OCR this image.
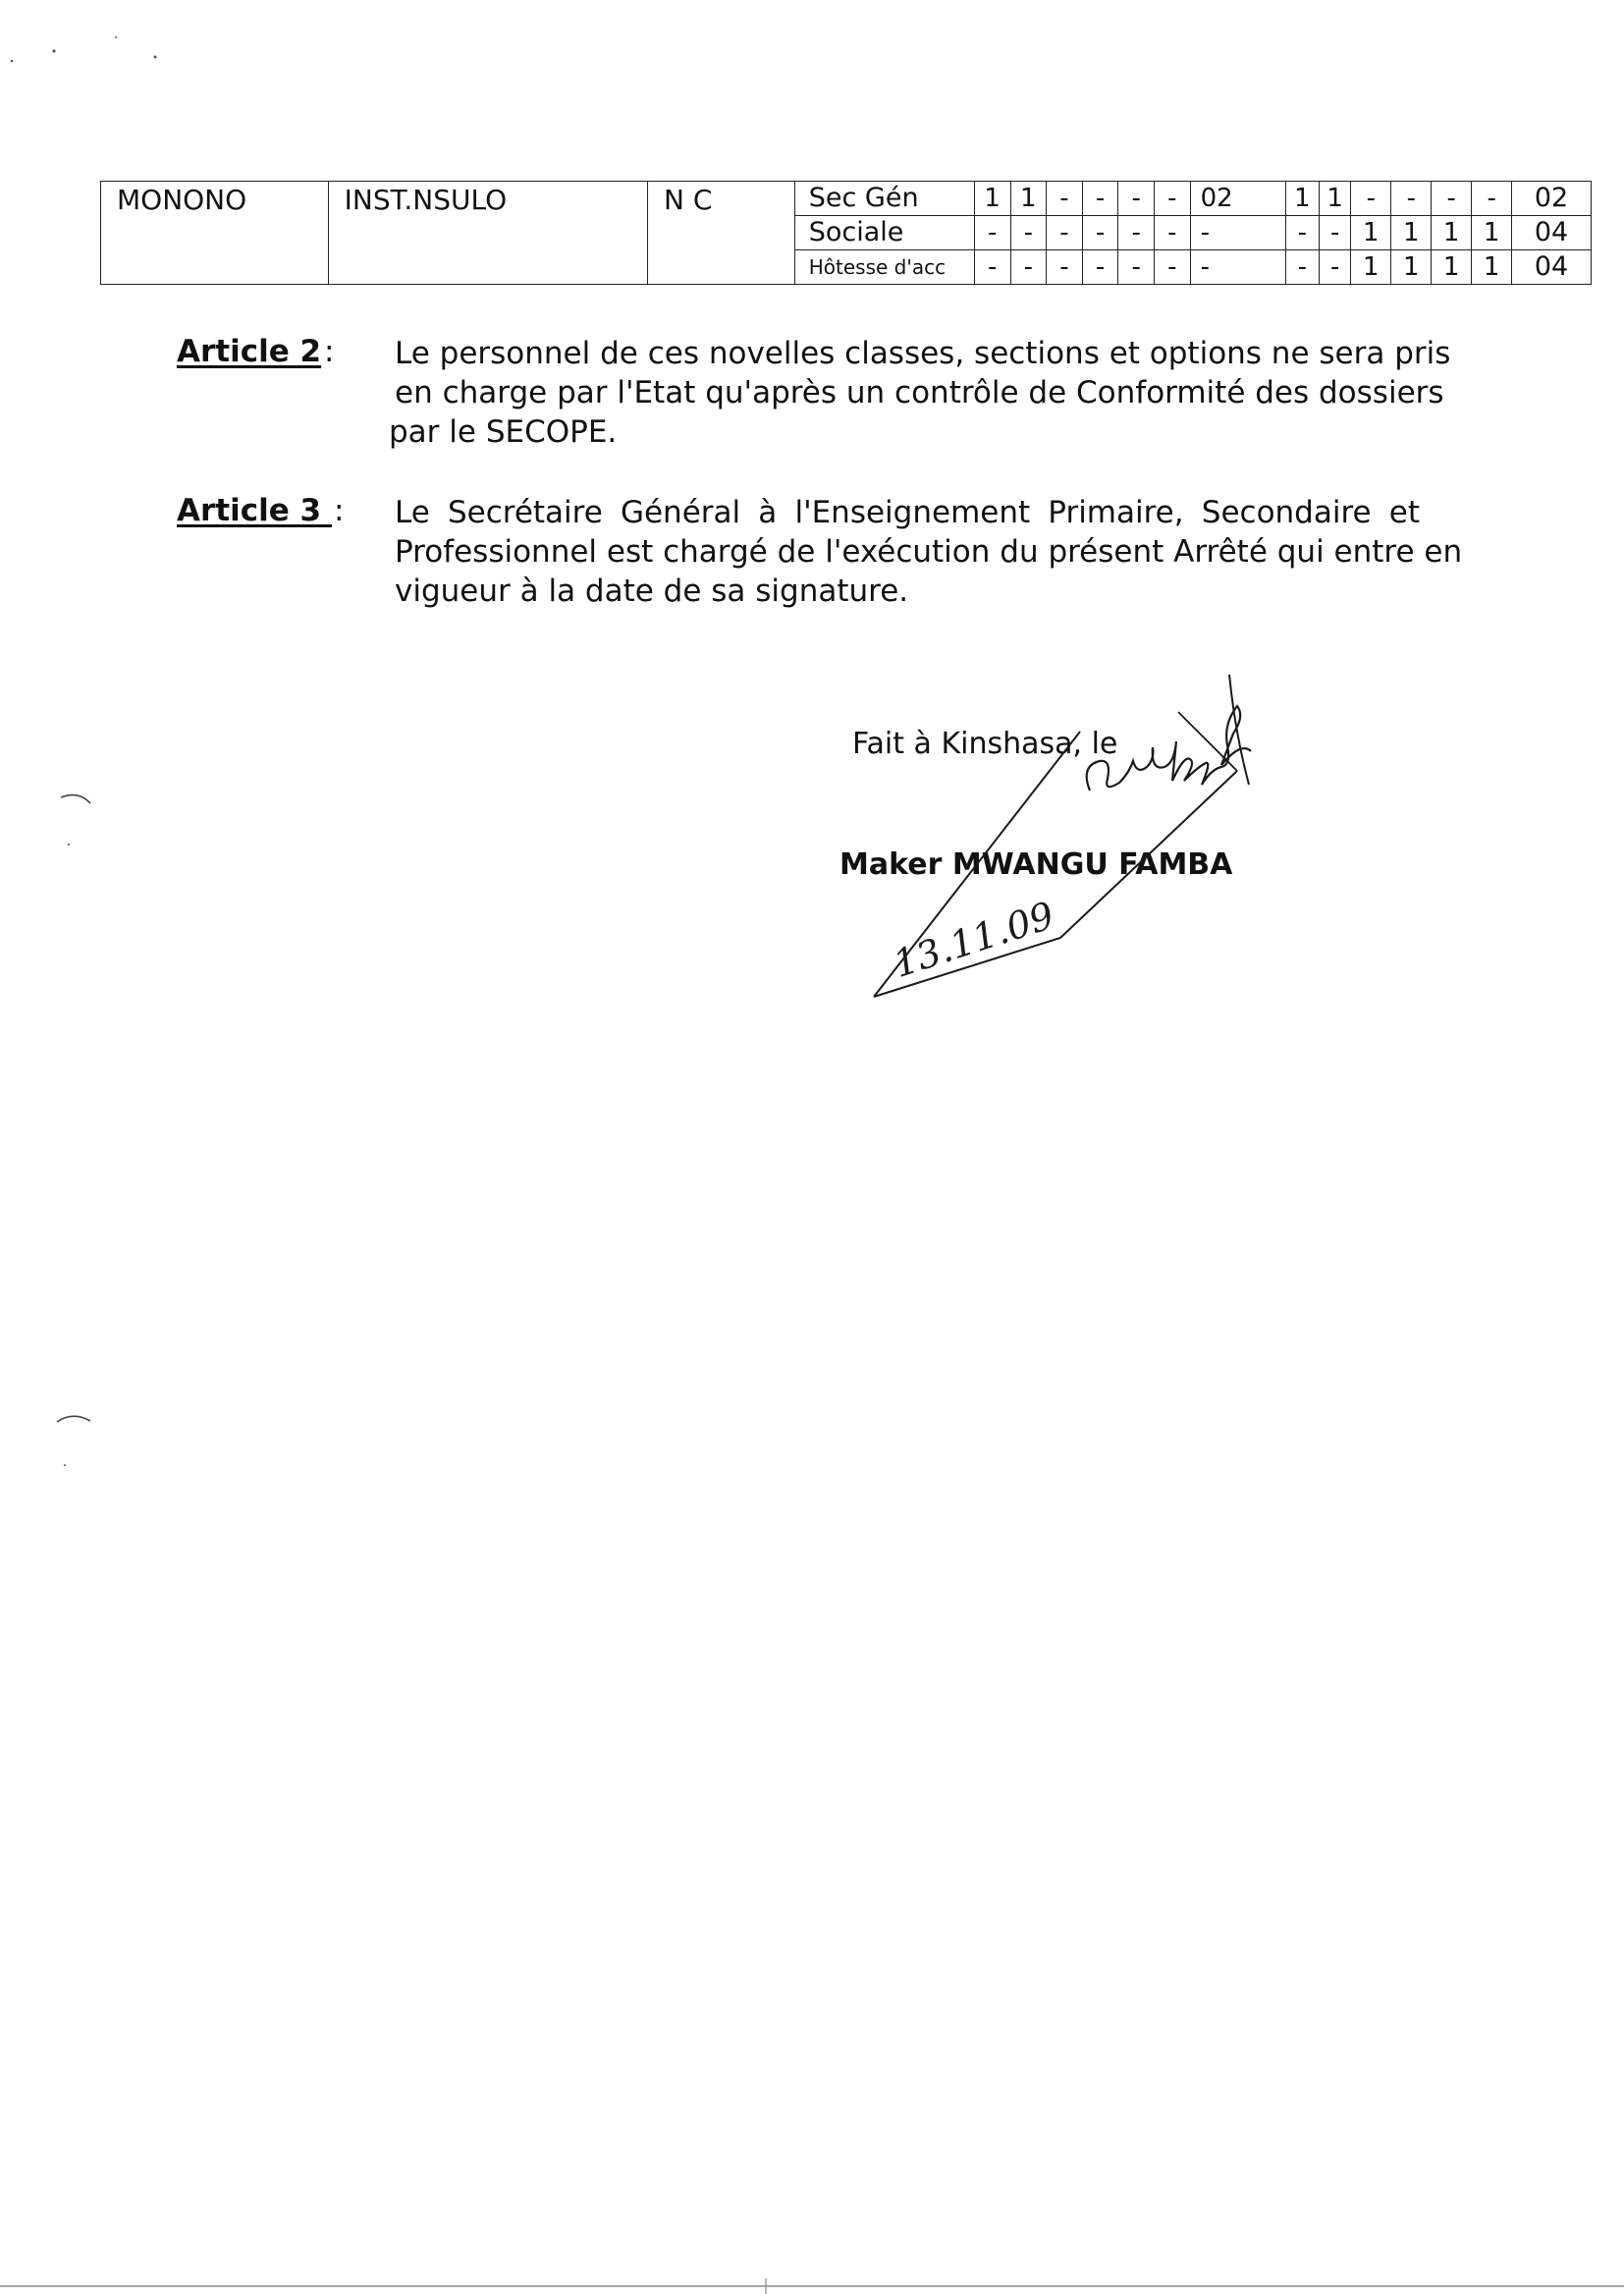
MONONO	INST.NSULO	N C	Sec Gén	1	1	-	-	-	-	02	1	1	-	-	-	-	02
			Sociale	-	-	-	-	-	-	-	-	-	1	1	1	1	04
			Hôtesse d'acc	-	-	-	-	-	-	-	-	-	1	1	1	1	04
Article 2 : Le personnel de ces novelles classes, sections et options ne sera pris
en charge par l'Etat qu'après un contrôle de Conformité des dossiers
par le SECOPE.
Article 3 : Le Secrétaire Général à l'Enseignement Primaire, Secondaire et
Professionnel est chargé de l'exécution du présent Arrêté qui entre en
vigueur à la date de sa signature.
Fait à Kinshasa, le
Maker MWANGU FAMBA
13.11.09
